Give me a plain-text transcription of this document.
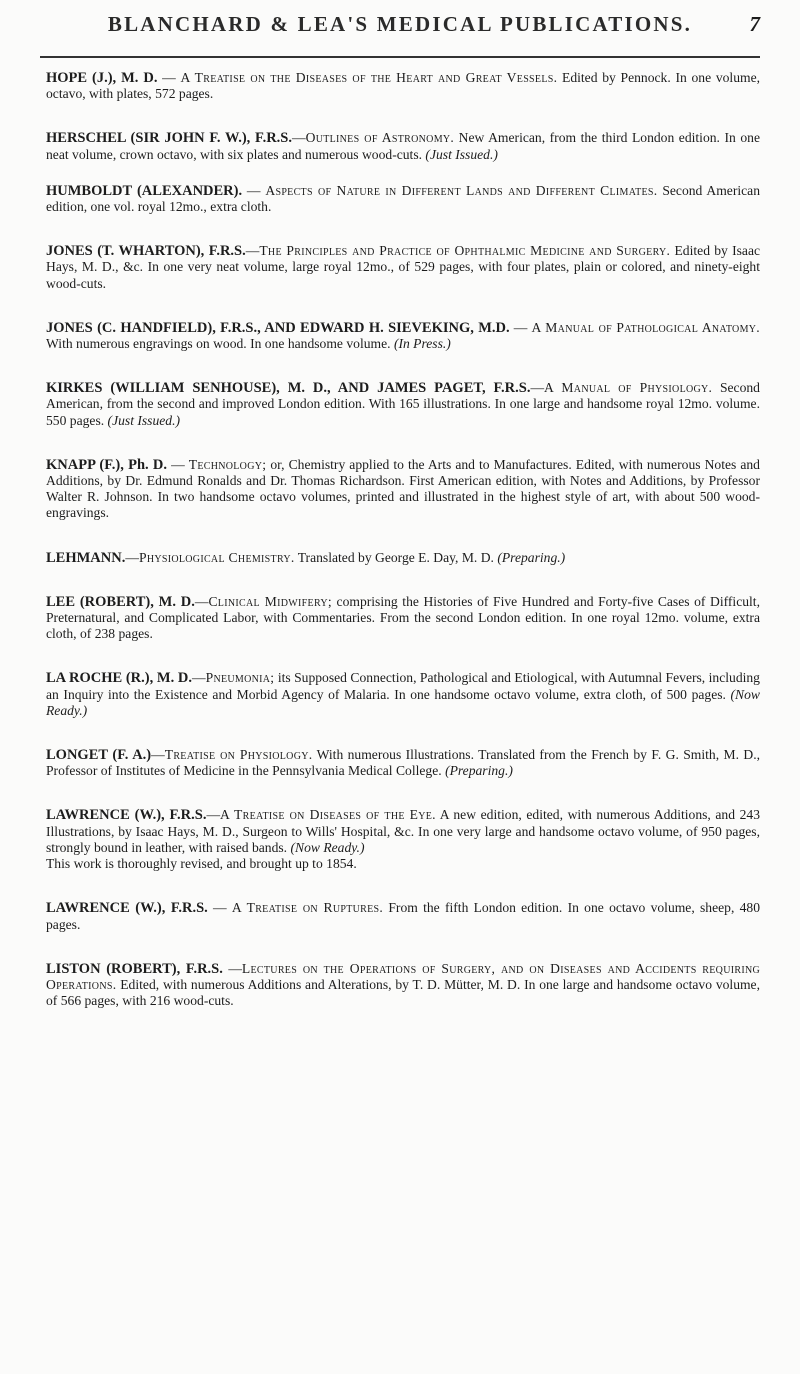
BLANCHARD & LEA'S MEDICAL PUBLICATIONS.	7

HOPE (J.), M. D. — A Treatise on the Diseases of the Heart and Great Vessels. Edited by Pennock. In one volume, octavo, with plates, 572 pages.

HERSCHEL (SIR JOHN F. W.), F.R.S.—Outlines of Astronomy. New American, from the third London edition. In one neat volume, crown octavo, with six plates and numerous wood-cuts. (Just Issued.)

HUMBOLDT (ALEXANDER). — Aspects of Nature in Different Lands and Different Climates. Second American edition, one vol. royal 12mo., extra cloth.

JONES (T. WHARTON), F.R.S.—The Principles and Practice of Ophthalmic Medicine and Surgery. Edited by Isaac Hays, M. D., &c. In one very neat volume, large royal 12mo., of 529 pages, with four plates, plain or colored, and ninety-eight wood-cuts.

JONES (C. HANDFIELD), F.R.S., AND EDWARD H. SIEVEKING, M.D. — A Manual of Pathological Anatomy. With numerous engravings on wood. In one handsome volume. (In Press.)

KIRKES (WILLIAM SENHOUSE), M. D., AND JAMES PAGET, F.R.S.—A Manual of Physiology. Second American, from the second and improved London edition. With 165 illustrations. In one large and handsome royal 12mo. volume. 550 pages. (Just Issued.)

KNAPP (F.), Ph. D. — Technology; or, Chemistry applied to the Arts and to Manufactures. Edited, with numerous Notes and Additions, by Dr. Edmund Ronalds and Dr. Thomas Richardson. First American edition, with Notes and Additions, by Professor Walter R. Johnson. In two handsome octavo volumes, printed and illustrated in the highest style of art, with about 500 wood-engravings.

LEHMANN.—Physiological Chemistry. Translated by George E. Day, M. D. (Preparing.)

LEE (ROBERT), M. D.—Clinical Midwifery; comprising the Histories of Five Hundred and Forty-five Cases of Difficult, Preternatural, and Complicated Labor, with Commentaries. From the second London edition. In one royal 12mo. volume, extra cloth, of 238 pages.

LA ROCHE (R.), M. D.—Pneumonia; its Supposed Connection, Pathological and Etiological, with Autumnal Fevers, including an Inquiry into the Existence and Morbid Agency of Malaria. In one handsome octavo volume, extra cloth, of 500 pages. (Now Ready.)

LONGET (F. A.)—Treatise on Physiology. With numerous Illustrations. Translated from the French by F. G. Smith, M. D., Professor of Institutes of Medicine in the Pennsylvania Medical College. (Preparing.)

LAWRENCE (W.), F.R.S.—A Treatise on Diseases of the Eye. A new edition, edited, with numerous Additions, and 243 Illustrations, by Isaac Hays, M. D., Surgeon to Wills' Hospital, &c. In one very large and handsome octavo volume, of 950 pages, strongly bound in leather, with raised bands. (Now Ready.)
This work is thoroughly revised, and brought up to 1854.

LAWRENCE (W.), F.R.S. — A Treatise on Ruptures. From the fifth London edition. In one octavo volume, sheep, 480 pages.

LISTON (ROBERT), F.R.S. —Lectures on the Operations of Surgery, and on Diseases and Accidents requiring Operations. Edited, with numerous Additions and Alterations, by T. D. Mütter, M. D. In one large and handsome octavo volume, of 566 pages, with 216 wood-cuts.
